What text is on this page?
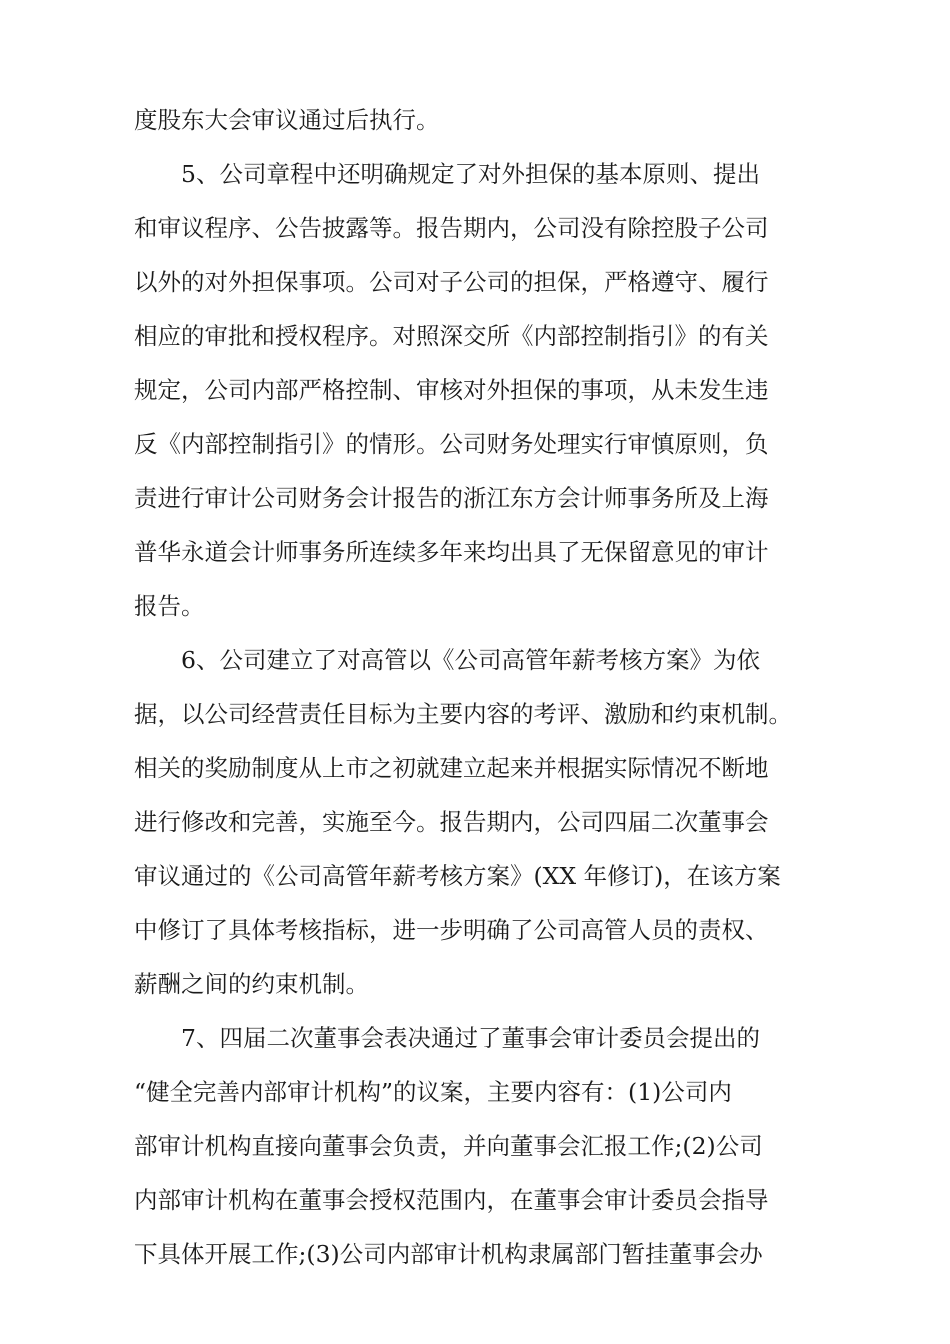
度股东大会审议通过后执行。
5、公司章程中还明确规定了对外担保的基本原则、提出
和审议程序、公告披露等。报告期内，公司没有除控股子公司
以外的对外担保事项。公司对子公司的担保，严格遵守、履行
相应的审批和授权程序。对照深交所《内部控制指引》的有关
规定，公司内部严格控制、审核对外担保的事项，从未发生违
反《内部控制指引》的情形。公司财务处理实行审慎原则，负
责进行审计公司财务会计报告的浙江东方会计师事务所及上海
普华永道会计师事务所连续多年来均出具了无保留意见的审计
报告。
6、公司建立了对高管以《公司高管年薪考核方案》为依
据，以公司经营责任目标为主要内容的考评、激励和约束机制。
相关的奖励制度从上市之初就建立起来并根据实际情况不断地
进行修改和完善，实施至今。报告期内，公司四届二次董事会
审议通过的《公司高管年薪考核方案》(XX 年修订)，在该方案
中修订了具体考核指标，进一步明确了公司高管人员的责权、
薪酬之间的约束机制。
7、四届二次董事会表决通过了董事会审计委员会提出的
“健全完善内部审计机构”的议案，主要内容有：(1)公司内
部审计机构直接向董事会负责，并向董事会汇报工作;(2)公司
内部审计机构在董事会授权范围内，在董事会审计委员会指导
下具体开展工作;(3)公司内部审计机构隶属部门暂挂董事会办
